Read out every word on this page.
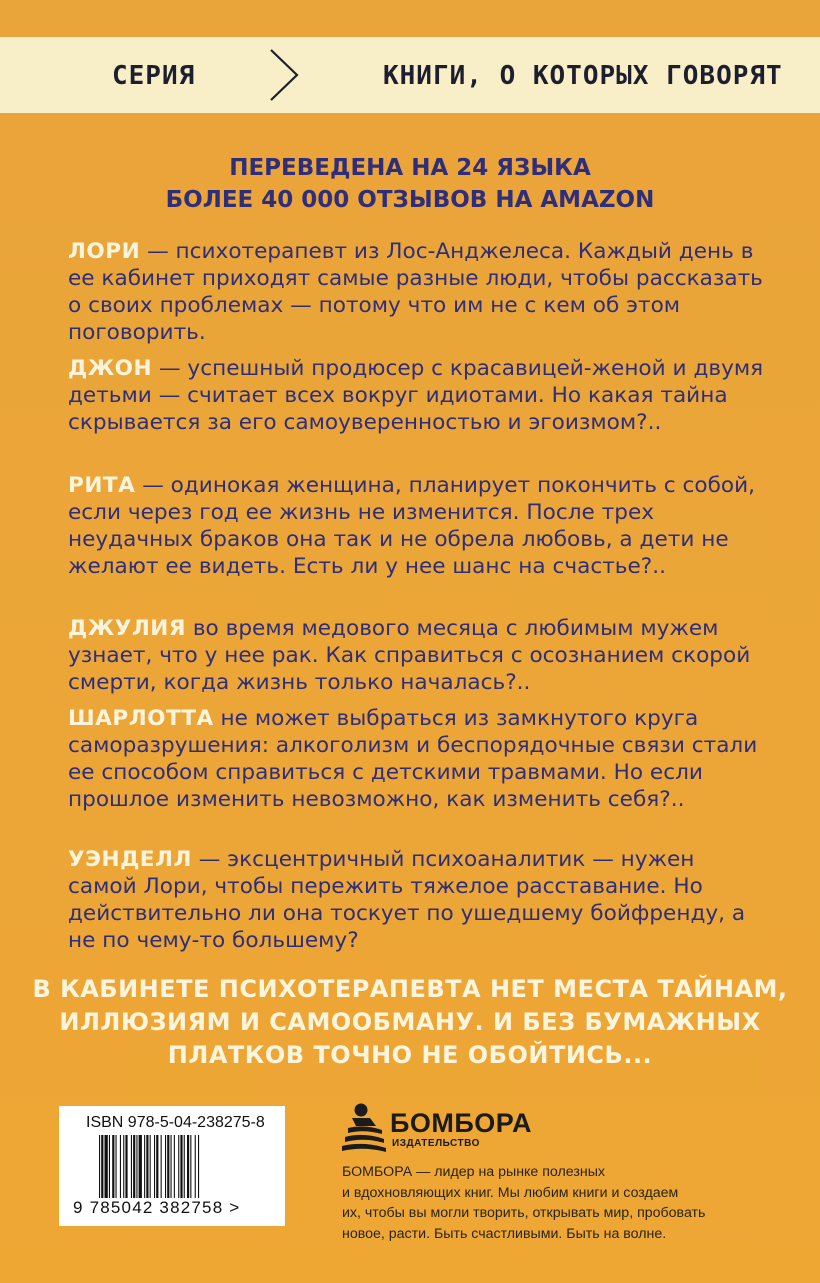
СЕРИЯ	КНИГИ, О КОТОРЫХ ГОВОРЯТ
ПЕРЕВЕДЕНА НА 24 ЯЗЫКА
БОЛЕЕ 40 000 ОТЗЫВОВ НА AMAZON

ЛОРИ — психотерапевт из Лос-Анджелеса. Каждый день в ее кабинет приходят самые разные люди, чтобы рассказать о своих проблемах — потому что им не с кем об этом поговорить.

ДЖОН — успешный продюсер с красавицей-женой и двумя детьми — считает всех вокруг идиотами. Но какая тайна скрывается за его самоуверенностью и эгоизмом?..

РИТА — одинокая женщина, планирует покончить с собой, если через год ее жизнь не изменится. После трех неудачных браков она так и не обрела любовь, а дети не желают ее видеть. Есть ли у нее шанс на счастье?..

ДЖУЛИЯ во время медового месяца с любимым мужем узнает, что у нее рак. Как справиться с осознанием скорой смерти, когда жизнь только началась?..

ШАРЛОТТА не может выбраться из замкнутого круга саморазрушения: алкоголизм и беспорядочные связи стали ее способом справиться с детскими травмами. Но если прошлое изменить невозможно, как изменить себя?..

УЭНДЕЛЛ — эксцентричный психоаналитик — нужен самой Лори, чтобы пережить тяжелое расставание. Но действительно ли она тоскует по ушедшему бойфренду, а не по чему-то большему?

В КАБИНЕТЕ ПСИХОТЕРАПЕВТА НЕТ МЕСТА ТАЙНАМ,
ИЛЛЮЗИЯМ И САМООБМАНУ. И БЕЗ БУМАЖНЫХ
ПЛАТКОВ ТОЧНО НЕ ОБОЙТИСЬ...
ISBN 978-5-04-238275-8
9 785042 382758 >
БОМБОРА
ИЗДАТЕЛЬСТВО
БОМБОРА — лидер на рынке полезных
и вдохновляющих книг. Мы любим книги и создаем
их, чтобы вы могли творить, открывать мир, пробовать
новое, расти. Быть счастливыми. Быть на волне.
